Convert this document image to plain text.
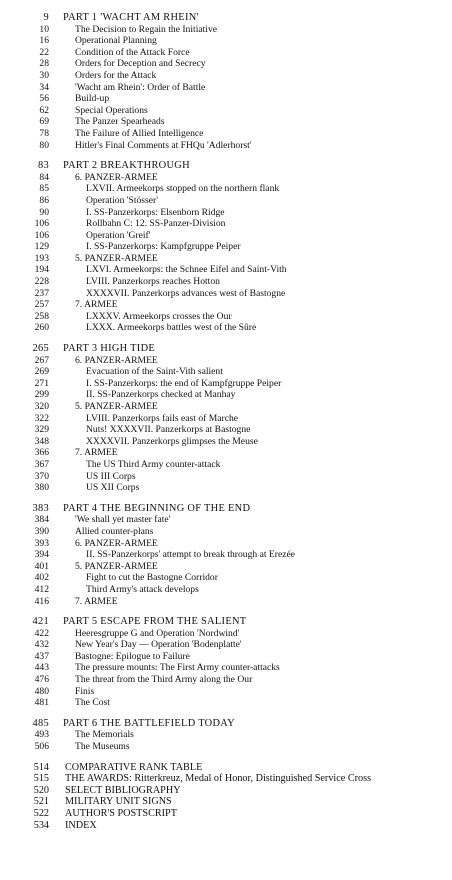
9 PART 1 'WACHT AM RHEIN'
10	The Decision to Regain the Initiative
16	Operational Planning
22	Condition of the Attack Force
28	Orders for Deception and Secrecy
30	Orders for the Attack
34	'Wacht am Rhein': Order of Battle
56	Build-up
62	Special Operations
69	The Panzer Spearheads
78	The Failure of Allied Intelligence
80	Hitler's Final Comments at FHQu 'Adlerhorst'
83 PART 2 BREAKTHROUGH
84	6. PANZER-ARMEE
85	LXVII. Armeekorps stopped on the northern flank
86	Operation 'Stösser'
90	I. SS-Panzerkorps: Elsenborn Ridge
106	Rollbahn C: 12. SS-Panzer-Division
106	Operation 'Greif'
129	I. SS-Panzerkorps: Kampfgruppe Peiper
193	5. PANZER-ARMEE
194	LXVI. Armeekorps: the Schnee Eifel and Saint-Vith
228	LVIII. Panzerkorps reaches Hotton
237	XXXXVII. Panzerkorps advances west of Bastogne
257	7. ARMEE
258	LXXXV. Armeekorps crosses the Our
260	LXXX. Armeekorps battles west of the Sûre
265 PART 3 HIGH TIDE
267	6. PANZER-ARMEE
269	Evacuation of the Saint-Vith salient
271	I. SS-Panzerkorps: the end of Kampfgruppe Peiper
299	II. SS-Panzerkorps checked at Manhay
320	5. PANZER-ARMEE
322	LVIII. Panzerkorps fails east of Marche
329	Nuts! XXXXVII. Panzerkorps at Bastogne
348	XXXXVII. Panzerkorps glimpses the Meuse
366	7. ARMEE
367	The US Third Army counter-attack
370	US III Corps
380	US XII Corps
383 PART 4 THE BEGINNING OF THE END
384	'We shall yet master fate'
390	Allied counter-plans
393	6. PANZER-ARMEE
394	II. SS-Panzerkorps' attempt to break through at Erezée
401	5. PANZER-ARMEE
402	Fight to cut the Bastogne Corridor
412	Third Army's attack develops
416	7. ARMEE
421 PART 5 ESCAPE FROM THE SALIENT
422	Heeresgruppe G and Operation 'Nordwind'
432	New Year's Day — Operation 'Bodenplatte'
437	Bastogne: Epilogue to Failure
443	The pressure mounts: The First Army counter-attacks
476	The threat from the Third Army along the Our
480	Finis
481	The Cost
485 PART 6 THE BATTLEFIELD TODAY
493	The Memorials
506	The Museums
514 COMPARATIVE RANK TABLE
515 THE AWARDS: Ritterkreuz, Medal of Honor, Distinguished Service Cross
520 SELECT BIBLIOGRAPHY
521 MILITARY UNIT SIGNS
522 AUTHOR'S POSTSCRIPT
534 INDEX
